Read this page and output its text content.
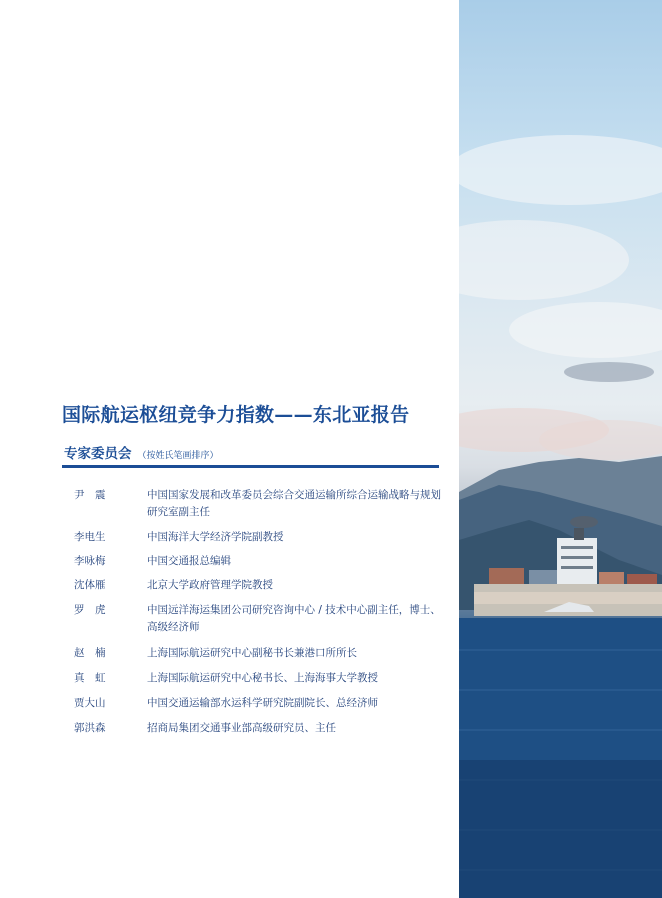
国际航运枢纽竞争力指数——东北亚报告
专家委员会 （按姓氏笔画排序）
尹　震	中国国家发展和改革委员会综合交通运输所综合运输战略与规划研究室副主任
李电生	中国海洋大学经济学院副教授
李咏梅	中国交通报总编辑
沈体雁	北京大学政府管理学院教授
罗　虎	中国远洋海运集团公司研究咨询中心 / 技术中心副主任，博士、高级经济师
赵　楠	上海国际航运研究中心副秘书长兼港口所所长
真　虹	上海国际航运研究中心秘书长、上海海事大学教授
贾大山	中国交通运输部水运科学研究院副院长、总经济师
郭洪森	招商局集团交通事业部高级研究员、主任
